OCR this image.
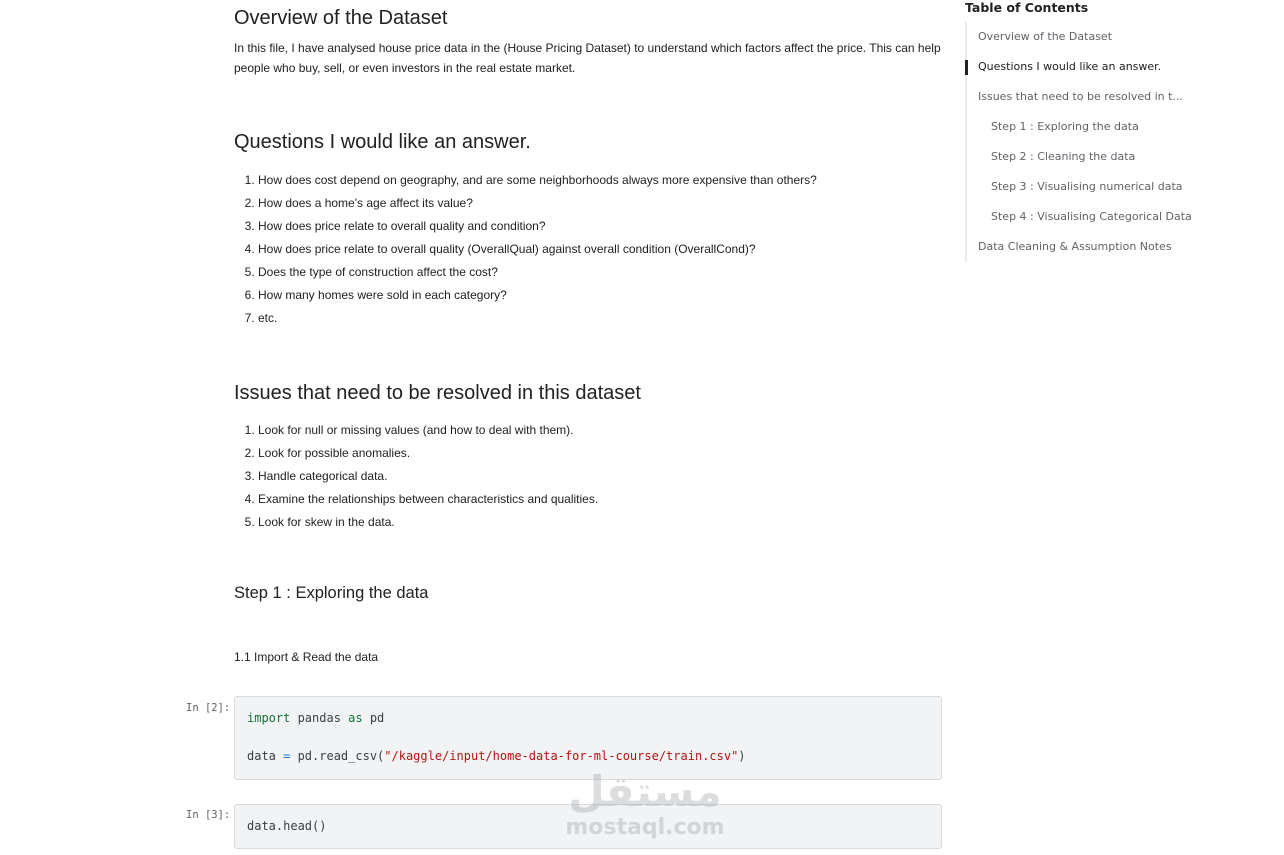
Overview of the Dataset

In this file, I have analysed house price data in the (House Pricing Dataset) to understand which factors affect the price. This can help

people who buy, sell, or even investors in the real estate market.

Questions I would like an answer.
1. How does cost depend on geography, and are some neighborhoods always more expensive than others?
2. How does a home's age affect its value?
3. How does price relate to overall quality and condition?
4. How does price relate to overall quality (OverallQual) against overall condition (OverallCond)?
5. Does the type of construction affect the cost?
6. How many homes were sold in each category?
7. etc.
Issues that need to be resolved in this dataset
1. Look for null or missing values (and how to deal with them).
2. Look for possible anomalies.
3. Handle categorical data.
4. Examine the relationships between characteristics and qualities.
5. Look for skew in the data.
Step 1 : Exploring the data
1.1 Import & Read the data
In [2]:
import pandas as pd

data = pd.read_csv("/kaggle/input/home-data-for-ml-course/train.csv")
In [3]:
data.head()
Table of Contents
Overview of the Dataset
Questions I would like an answer.
Issues that need to be resolved in t...
Step 1 : Exploring the data
Step 2 : Cleaning the data
Step 3 : Visualising numerical data
Step 4 : Visualising Categorical Data
Data Cleaning & Assumption Notes
مستقل
mostaql.com
